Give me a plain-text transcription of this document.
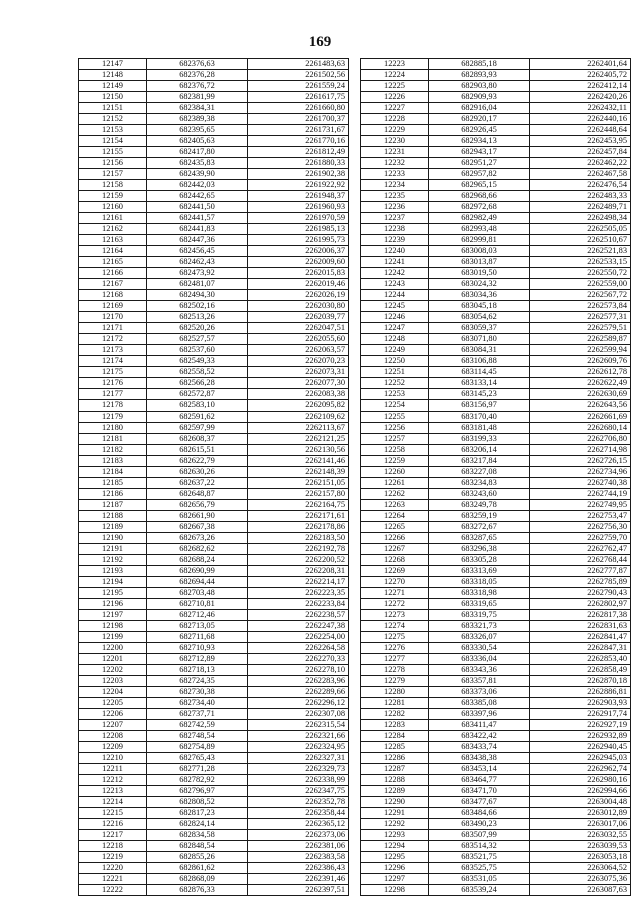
169
12147	682376,63	2261483,63
12148	682376,28	2261502,56
12149	682376,72	2261559,24
12150	682381,99	2261617,75
12151	682384,31	2261660,80
12152	682389,38	2261700,37
12153	682395,65	2261731,67
12154	682405,63	2261770,16
12155	682417,80	2261812,49
12156	682435,83	2261880,33
12157	682439,90	2261902,38
12158	682442,03	2261922,92
12159	682442,65	2261948,37
12160	682441,50	2261960,93
12161	682441,57	2261970,59
12162	682441,83	2261985,13
12163	682447,36	2261995,73
12164	682456,45	2262006,37
12165	682462,43	2262009,60
12166	682473,92	2262015,83
12167	682481,07	2262019,46
12168	682494,30	2262026,19
12169	682502,16	2262030,80
12170	682513,26	2262039,77
12171	682520,26	2262047,51
12172	682527,57	2262055,60
12173	682537,60	2262063,57
12174	682549,33	2262070,23
12175	682558,52	2262073,31
12176	682566,28	2262077,30
12177	682572,87	2262083,38
12178	682583,10	2262095,82
12179	682591,62	2262109,62
12180	682597,99	2262113,67
12181	682608,37	2262121,25
12182	682615,51	2262130,56
12183	682622,79	2262141,46
12184	682630,26	2262148,39
12185	682637,22	2262151,05
12186	682648,87	2262157,80
12187	682656,79	2262164,75
12188	682661,90	2262171,61
12189	682667,38	2262178,86
12190	682673,26	2262183,50
12191	682682,62	2262192,78
12192	682688,24	2262200,52
12193	682690,99	2262208,31
12194	682694,44	2262214,17
12195	682703,48	2262223,35
12196	682710,81	2262233,84
12197	682712,46	2262238,57
12198	682713,05	2262247,38
12199	682711,68	2262254,00
12200	682710,93	2262264,58
12201	682712,89	2262270,33
12202	682718,13	2262278,10
12203	682724,35	2262283,96
12204	682730,38	2262289,66
12205	682734,40	2262296,12
12206	682737,71	2262307,08
12207	682742,59	2262315,54
12208	682748,54	2262321,66
12209	682754,89	2262324,95
12210	682765,43	2262327,31
12211	682771,28	2262329,73
12212	682782,92	2262338,99
12213	682796,97	2262347,75
12214	682808,52	2262352,78
12215	682817,23	2262358,44
12216	682824,14	2262365,12
12217	682834,58	2262373,06
12218	682848,54	2262381,06
12219	682855,26	2262383,58
12220	682861,62	2262386,43
12221	682868,09	2262391,46
12222	682876,33	2262397,51
12223	682885,18	2262401,64
12224	682893,93	2262405,72
12225	682903,80	2262412,14
12226	682909,93	2262420,26
12227	682916,04	2262432,11
12228	682920,17	2262440,16
12229	682926,45	2262448,64
12230	682934,13	2262453,95
12231	682943,17	2262457,84
12232	682951,27	2262462,22
12233	682957,82	2262467,58
12234	682965,15	2262476,54
12235	682968,66	2262483,33
12236	682972,68	2262489,71
12237	682982,49	2262498,34
12238	682993,48	2262505,05
12239	682999,81	2262510,67
12240	683008,03	2262521,83
12241	683013,87	2262533,15
12242	683019,50	2262550,72
12243	683024,32	2262559,00
12244	683034,36	2262567,72
12245	683045,18	2262573,84
12246	683054,62	2262577,31
12247	683059,37	2262579,51
12248	683071,80	2262589,87
12249	683084,31	2262599,94
12250	683106,88	2262609,76
12251	683114,45	2262612,78
12252	683133,14	2262622,49
12253	683145,23	2262630,69
12254	683156,97	2262643,56
12255	683170,40	2262661,69
12256	683181,48	2262680,14
12257	683199,33	2262706,80
12258	683206,14	2262714,98
12259	683217,84	2262726,15
12260	683227,08	2262734,96
12261	683234,83	2262740,38
12262	683243,60	2262744,19
12263	683249,78	2262749,95
12264	683259,19	2262753,47
12265	683272,67	2262756,30
12266	683287,65	2262759,70
12267	683296,38	2262762,47
12268	683305,28	2262768,44
12269	683313,69	2262777,87
12270	683318,05	2262785,89
12271	683318,98	2262790,43
12272	683319,65	2262802,97
12273	683319,75	2262817,38
12274	683321,73	2262831,63
12275	683326,07	2262841,47
12276	683330,54	2262847,31
12277	683336,04	2262853,40
12278	683343,36	2262858,49
12279	683357,81	2262870,18
12280	683373,06	2262886,81
12281	683385,08	2262903,93
12282	683397,96	2262917,74
12283	683411,47	2262927,19
12284	683422,42	2262932,89
12285	683433,74	2262940,45
12286	683438,38	2262945,03
12287	683453,14	2262962,74
12288	683464,77	2262980,16
12289	683471,70	2262994,66
12290	683477,67	2263004,48
12291	683484,66	2263012,89
12292	683490,23	2263017,06
12293	683507,99	2263032,55
12294	683514,32	2263039,53
12295	683521,75	2263053,18
12296	683525,75	2263064,52
12297	683531,05	2263075,36
12298	683539,24	2263087,63
